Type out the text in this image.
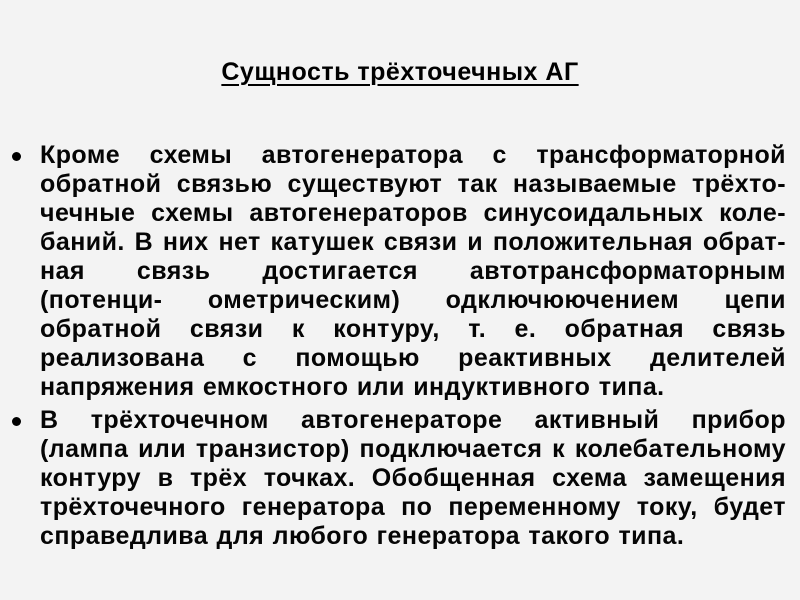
Сущность трёхточечных АГ
Кроме схемы автогенератора с трансформаторной обратной связью существуют так называемые трёхто- чечные схемы автогенераторов синусоидальных коле- баний. В них нет катушек связи и положительная обрат- ная связь достигается автотрансформаторным (потенци- ометрическим) одключюючением цепи обратной связи к контуру, т. е. обратная связь реализована с помощью реактивных делителей напряжения емкостного или индуктивного типа.
В трёхточечном автогенераторе активный прибор (лампа или транзистор) подключается к колебательному контуру в трёх точках. Обобщенная схема замещения трёхточечного генератора по переменному току, будет справедлива для любого генератора такого типа.
